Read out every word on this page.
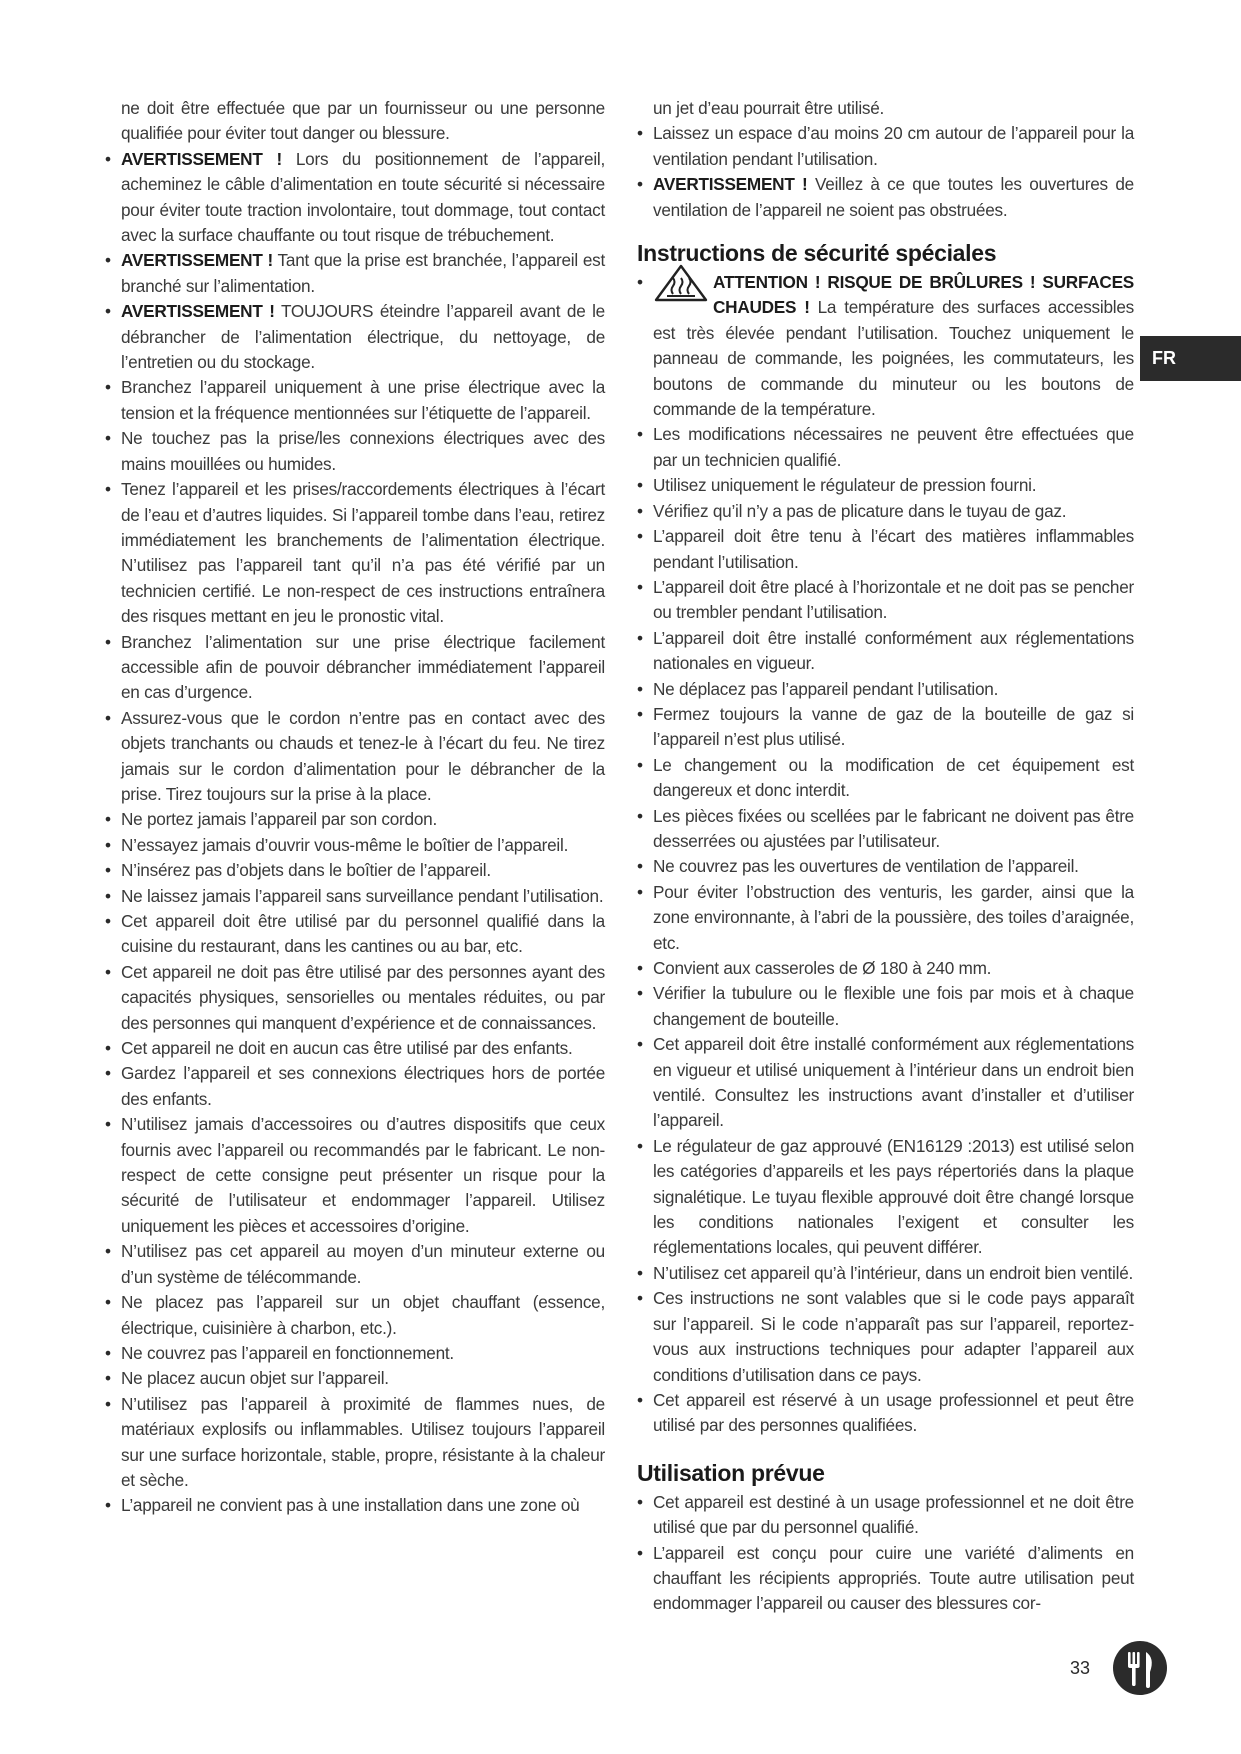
ne doit être effectuée que par un fournisseur ou une personne qualifiée pour éviter tout danger ou blessure.
• AVERTISSEMENT ! Lors du positionnement de l’appareil, acheminez le câble d’alimentation en toute sécurité si nécessaire pour éviter toute traction involontaire, tout dommage, tout contact avec la surface chauffante ou tout risque de trébuchement.
• AVERTISSEMENT ! Tant que la prise est branchée, l’appareil est branché sur l’alimentation.
• AVERTISSEMENT ! TOUJOURS éteindre l’appareil avant de le débrancher de l’alimentation électrique, du nettoyage, de l’entretien ou du stockage.
• Branchez l’appareil uniquement à une prise électrique avec la tension et la fréquence mentionnées sur l’étiquette de l’appareil.
• Ne touchez pas la prise/les connexions électriques avec des mains mouillées ou humides.
• Tenez l’appareil et les prises/raccordements électriques à l’écart de l’eau et d’autres liquides. Si l’appareil tombe dans l’eau, retirez immédiatement les branchements de l’alimentation électrique. N’utilisez pas l’appareil tant qu’il n’a pas été vérifié par un technicien certifié. Le non-respect de ces instructions entraînera des risques mettant en jeu le pronostic vital.
• Branchez l’alimentation sur une prise électrique facilement accessible afin de pouvoir débrancher immédiatement l’appareil en cas d’urgence.
• Assurez-vous que le cordon n’entre pas en contact avec des objets tranchants ou chauds et tenez-le à l’écart du feu. Ne tirez jamais sur le cordon d’alimentation pour le débrancher de la prise. Tirez toujours sur la prise à la place.
• Ne portez jamais l’appareil par son cordon.
• N’essayez jamais d’ouvrir vous-même le boîtier de l’appareil.
• N’insérez pas d’objets dans le boîtier de l’appareil.
• Ne laissez jamais l’appareil sans surveillance pendant l’utilisation.
• Cet appareil doit être utilisé par du personnel qualifié dans la cuisine du restaurant, dans les cantines ou au bar, etc.
• Cet appareil ne doit pas être utilisé par des personnes ayant des capacités physiques, sensorielles ou mentales réduites, ou par des personnes qui manquent d’expérience et de connaissances.
• Cet appareil ne doit en aucun cas être utilisé par des enfants.
• Gardez l’appareil et ses connexions électriques hors de portée des enfants.
• N’utilisez jamais d’accessoires ou d’autres dispositifs que ceux fournis avec l’appareil ou recommandés par le fabricant. Le non-respect de cette consigne peut présenter un risque pour la sécurité de l’utilisateur et endommager l’appareil. Utilisez uniquement les pièces et accessoires d’origine.
• N’utilisez pas cet appareil au moyen d’un minuteur externe ou d’un système de télécommande.
• Ne placez pas l’appareil sur un objet chauffant (essence, électrique, cuisinière à charbon, etc.).
• Ne couvrez pas l’appareil en fonctionnement.
• Ne placez aucun objet sur l’appareil.
• N’utilisez pas l’appareil à proximité de flammes nues, de matériaux explosifs ou inflammables. Utilisez toujours l’appareil sur une surface horizontale, stable, propre, résistante à la chaleur et sèche.
• L’appareil ne convient pas à une installation dans une zone où
un jet d’eau pourrait être utilisé.
• Laissez un espace d’au moins 20 cm autour de l’appareil pour la ventilation pendant l’utilisation.
• AVERTISSEMENT ! Veillez à ce que toutes les ouvertures de ventilation de l’appareil ne soient pas obstruées.
Instructions de sécurité spéciales
• ATTENTION ! RISQUE DE BRÛLURES ! SURFACES CHAUDES ! La température des surfaces accessibles est très élevée pendant l’utilisation. Touchez uniquement le panneau de commande, les poignées, les commutateurs, les boutons de commande du minuteur ou les boutons de commande de la température.
• Les modifications nécessaires ne peuvent être effectuées que par un technicien qualifié.
• Utilisez uniquement le régulateur de pression fourni.
• Vérifiez qu’il n’y a pas de plicature dans le tuyau de gaz.
• L’appareil doit être tenu à l’écart des matières inflammables pendant l’utilisation.
• L’appareil doit être placé à l’horizontale et ne doit pas se pencher ou trembler pendant l’utilisation.
• L’appareil doit être installé conformément aux réglementations nationales en vigueur.
• Ne déplacez pas l’appareil pendant l’utilisation.
• Fermez toujours la vanne de gaz de la bouteille de gaz si l’appareil n’est plus utilisé.
• Le changement ou la modification de cet équipement est dangereux et donc interdit.
• Les pièces fixées ou scellées par le fabricant ne doivent pas être desserrées ou ajustées par l’utilisateur.
• Ne couvrez pas les ouvertures de ventilation de l’appareil.
• Pour éviter l’obstruction des venturis, les garder, ainsi que la zone environnante, à l’abri de la poussière, des toiles d’araignée, etc.
• Convient aux casseroles de Ø 180 à 240 mm.
• Vérifier la tubulure ou le flexible une fois par mois et à chaque changement de bouteille.
• Cet appareil doit être installé conformément aux réglementations en vigueur et utilisé uniquement à l’intérieur dans un endroit bien ventilé. Consultez les instructions avant d’installer et d’utiliser l’appareil.
• Le régulateur de gaz approuvé (EN16129 :2013) est utilisé selon les catégories d’appareils et les pays répertoriés dans la plaque signalétique. Le tuyau flexible approuvé doit être changé lorsque les conditions nationales l’exigent et consulter les réglementations locales, qui peuvent différer.
• N’utilisez cet appareil qu’à l’intérieur, dans un endroit bien ventilé.
• Ces instructions ne sont valables que si le code pays apparaît sur l’appareil. Si le code n’apparaît pas sur l’appareil, reportez-vous aux instructions techniques pour adapter l’appareil aux conditions d’utilisation dans ce pays.
• Cet appareil est réservé à un usage professionnel et peut être utilisé par des personnes qualifiées.
Utilisation prévue
• Cet appareil est destiné à un usage professionnel et ne doit être utilisé que par du personnel qualifié.
• L’appareil est conçu pour cuire une variété d’aliments en chauffant les récipients appropriés. Toute autre utilisation peut endommager l’appareil ou causer des blessures cor-
FR
33
